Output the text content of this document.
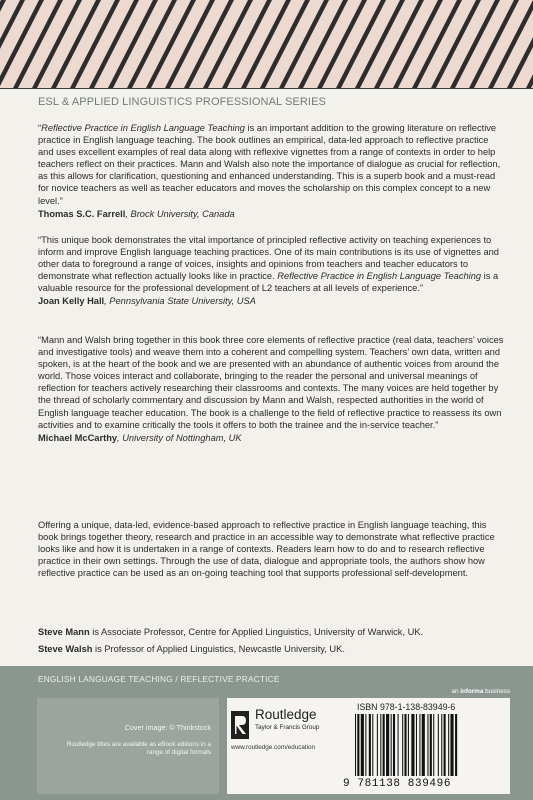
ESL & APPLIED LINGUISTICS PROFESSIONAL SERIES

“Reflective Practice in English Language Teaching is an important addition to the growing literature on reflective practice in English language teaching. The book outlines an empirical, data-led approach to reflective practice and uses excellent examples of real data along with reflexive vignettes from a range of contexts in order to help teachers reflect on their practices. Mann and Walsh also note the importance of dialogue as crucial for reflection, as this allows for clarification, questioning and enhanced understanding. This is a superb book and a must-read for novice teachers as well as teacher educators and moves the scholarship on this complex concept to a new level.”

Thomas S.C. Farrell, Brock University, Canada

“This unique book demonstrates the vital importance of principled reflective activity on teaching experiences to inform and improve English language teaching practices. One of its main contributions is its use of vignettes and other data to foreground a range of voices, insights and opinions from teachers and teacher educators to demonstrate what reflection actually looks like in practice. Reflective Practice in English Language Teaching is a valuable resource for the professional development of L2 teachers at all levels of experience.”

Joan Kelly Hall, Pennsylvania State University, USA

“Mann and Walsh bring together in this book three core elements of reflective practice (real data, teachers’ voices and investigative tools) and weave them into a coherent and compelling system. Teachers’ own data, written and spoken, is at the heart of the book and we are presented with an abundance of authentic voices from around the world. Those voices interact and collaborate, bringing to the reader the personal and universal meanings of reflection for teachers actively researching their classrooms and contexts. The many voices are held together by the thread of scholarly commentary and discussion by Mann and Walsh, respected authorities in the world of English language teacher education. The book is a challenge to the field of reflective practice to reassess its own activities and to examine critically the tools it offers to both the trainee and the in-service teacher.”

Michael McCarthy, University of Nottingham, UK

Offering a unique, data-led, evidence-based approach to reflective practice in English language teaching, this book brings together theory, research and practice in an accessible way to demonstrate what reflective practice looks like and how it is undertaken in a range of contexts. Readers learn how to do and to research reflective practice in their own settings. Through the use of data, dialogue and appropriate tools, the authors show how reflective practice can be used as an on-going teaching tool that supports professional self-development.

Steve Mann is Associate Professor, Centre for Applied Linguistics, University of Warwick, UK.

Steve Walsh is Professor of Applied Linguistics, Newcastle University, UK.

ENGLISH LANGUAGE TEACHING / REFLECTIVE PRACTICE
an informa business
Cover image: © Thinkstock
Routledge titles are available as eBook editions in a range of digital formats
Routledge
Taylor & Francis Group
www.routledge.com/education
ISBN 978-1-138-83949-6
9 781138 839496
